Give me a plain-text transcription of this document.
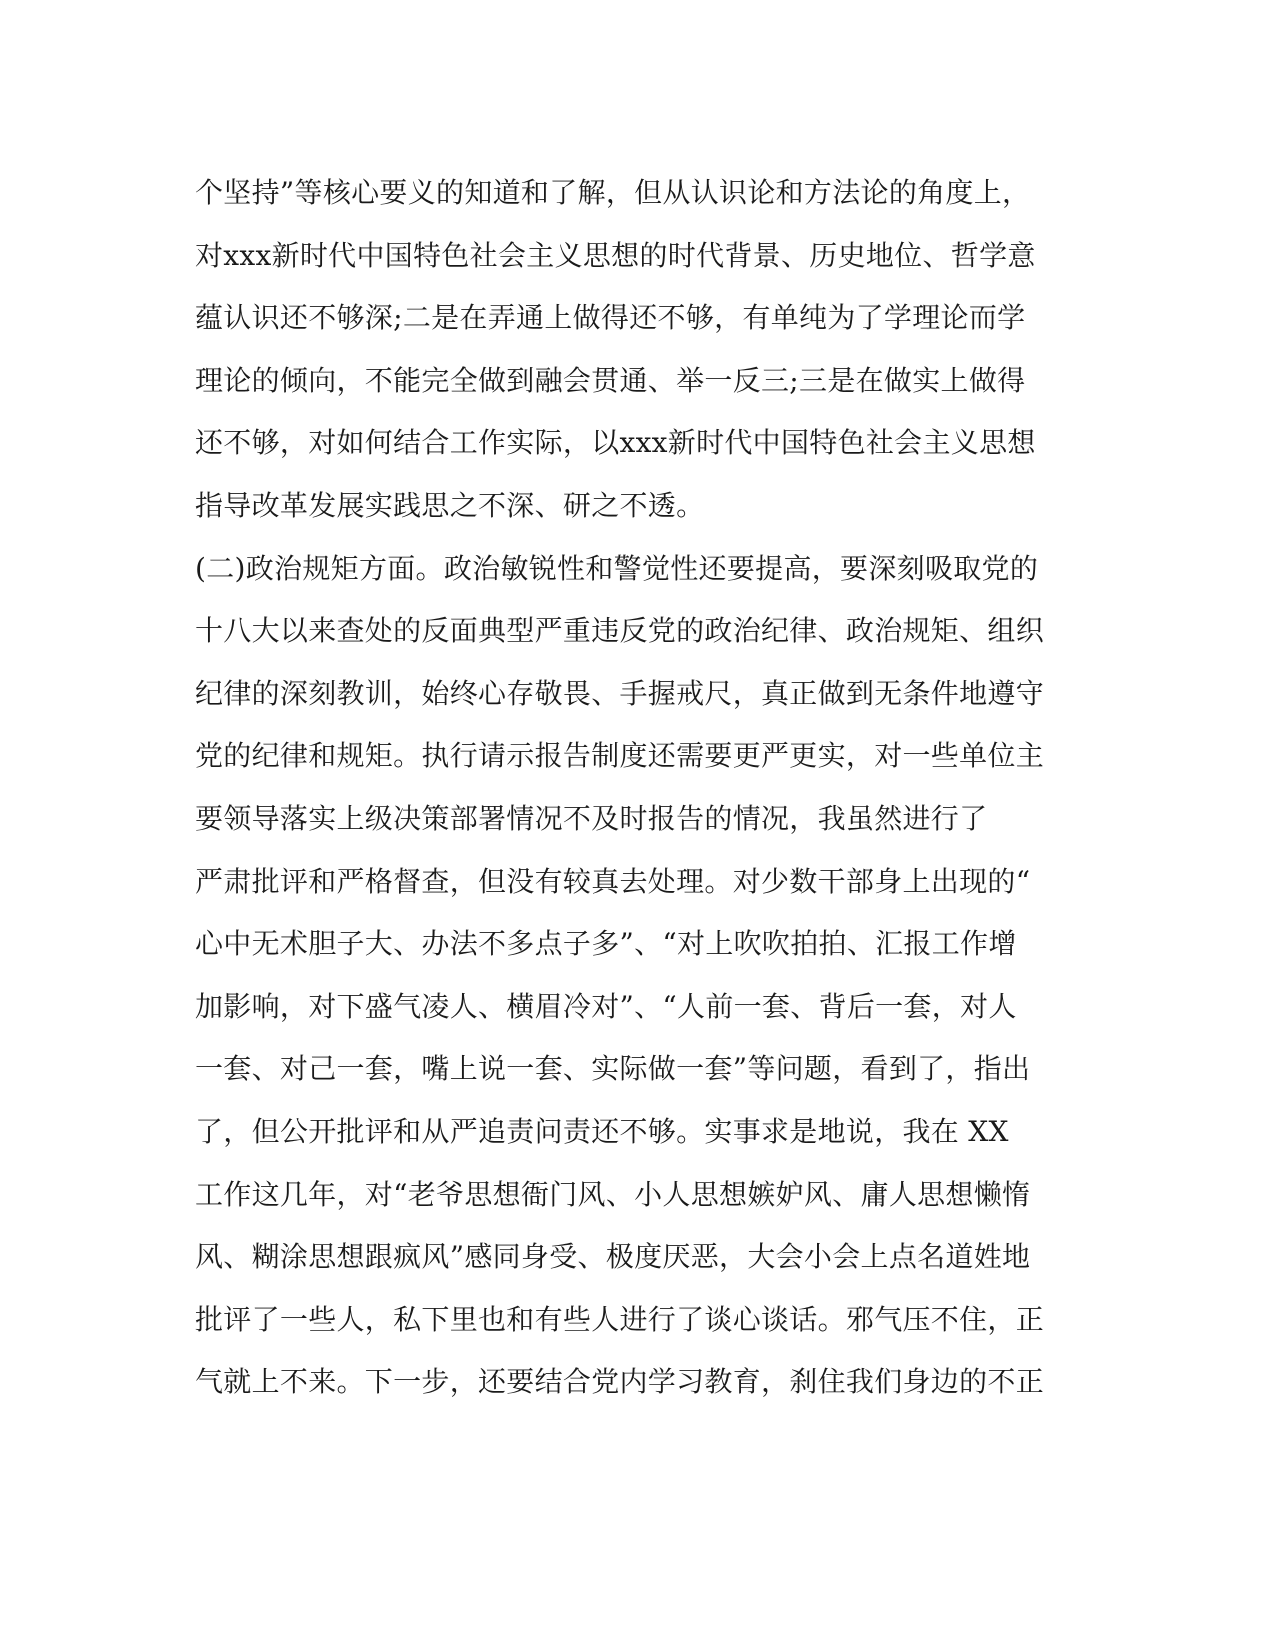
个坚持”等核心要义的知道和了解，但从认识论和方法论的角度上，
对xxx新时代中国特色社会主义思想的时代背景、历史地位、哲学意
蕴认识还不够深;二是在弄通上做得还不够，有单纯为了学理论而学
理论的倾向，不能完全做到融会贯通、举一反三;三是在做实上做得
还不够，对如何结合工作实际，以xxx新时代中国特色社会主义思想
指导改革发展实践思之不深、研之不透。
(二)政治规矩方面。政治敏锐性和警觉性还要提高，要深刻吸取党的
十八大以来查处的反面典型严重违反党的政治纪律、政治规矩、组织
纪律的深刻教训，始终心存敬畏、手握戒尺，真正做到无条件地遵守
党的纪律和规矩。执行请示报告制度还需要更严更实，对一些单位主
要领导落实上级决策部署情况不及时报告的情况，我虽然进行了
严肃批评和严格督查，但没有较真去处理。对少数干部身上出现的“
心中无术胆子大、办法不多点子多”、“对上吹吹拍拍、汇报工作增
加影响，对下盛气凌人、横眉冷对”、“人前一套、背后一套，对人
一套、对己一套，嘴上说一套、实际做一套”等问题，看到了，指出
了，但公开批评和从严追责问责还不够。实事求是地说，我在 XX
工作这几年，对“老爷思想衙门风、小人思想嫉妒风、庸人思想懒惰
风、糊涂思想跟疯风”感同身受、极度厌恶，大会小会上点名道姓地
批评了一些人，私下里也和有些人进行了谈心谈话。邪气压不住，正
气就上不来。下一步，还要结合党内学习教育，刹住我们身边的不正
